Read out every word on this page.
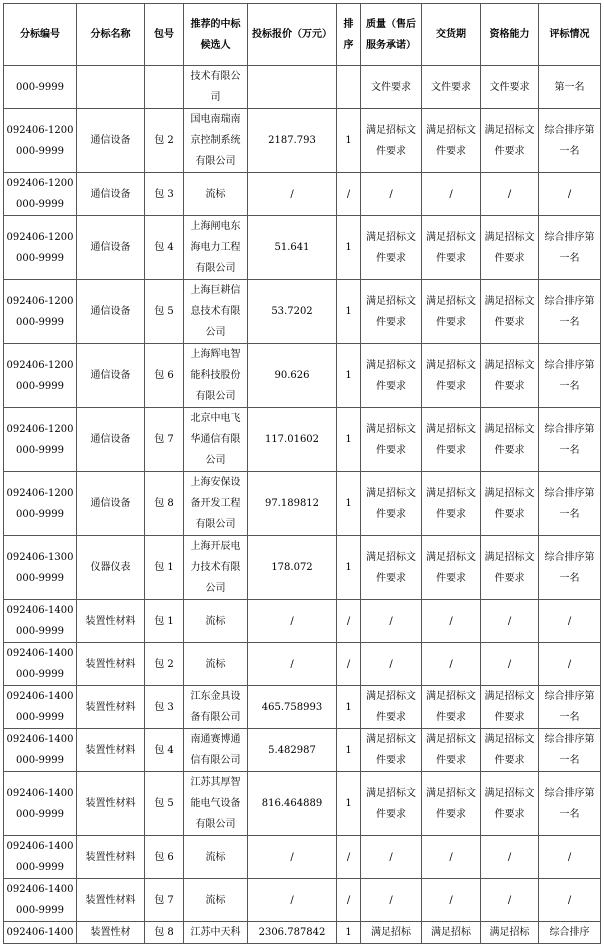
分标编号	分标名称	包号	推荐的中标候选人	投标报价（万元）	排序	质量（售后服务承诺）	交货期	资格能力	评标情况
000-9999			技术有限公司			文件要求	文件要求	文件要求	第一名
092406-1200000-9999	通信设备	包 2	国电南瑞南京控制系统有限公司	2187.793	1	满足招标文件要求	满足招标文件要求	满足招标文件要求	综合排序第一名
092406-1200000-9999	通信设备	包 3	流标	/	/	/	/	/	/
092406-1200000-9999	通信设备	包 4	上海闸电东海电力工程有限公司	51.641	1	满足招标文件要求	满足招标文件要求	满足招标文件要求	综合排序第一名
092406-1200000-9999	通信设备	包 5	上海巨耕信息技术有限公司	53.7202	1	满足招标文件要求	满足招标文件要求	满足招标文件要求	综合排序第一名
092406-1200000-9999	通信设备	包 6	上海辉电智能科技股份有限公司	90.626	1	满足招标文件要求	满足招标文件要求	满足招标文件要求	综合排序第一名
092406-1200000-9999	通信设备	包 7	北京中电飞华通信有限公司	117.01602	1	满足招标文件要求	满足招标文件要求	满足招标文件要求	综合排序第一名
092406-1200000-9999	通信设备	包 8	上海安保设备开发工程有限公司	97.189812	1	满足招标文件要求	满足招标文件要求	满足招标文件要求	综合排序第一名
092406-1300000-9999	仪器仪表	包 1	上海开辰电力技术有限公司	178.072	1	满足招标文件要求	满足招标文件要求	满足招标文件要求	综合排序第一名
092406-1400000-9999	装置性材料	包 1	流标	/	/	/	/	/	/
092406-1400000-9999	装置性材料	包 2	流标	/	/	/	/	/	/
092406-1400000-9999	装置性材料	包 3	江东金具设备有限公司	465.758993	1	满足招标文件要求	满足招标文件要求	满足招标文件要求	综合排序第一名
092406-1400000-9999	装置性材料	包 4	南通赛博通信有限公司	5.482987	1	满足招标文件要求	满足招标文件要求	满足招标文件要求	综合排序第一名
092406-1400000-9999	装置性材料	包 5	江苏其厚智能电气设备有限公司	816.464889	1	满足招标文件要求	满足招标文件要求	满足招标文件要求	综合排序第一名
092406-1400000-9999	装置性材料	包 6	流标	/	/	/	/	/	/
092406-1400000-9999	装置性材料	包 7	流标	/	/	/	/	/	/
092406-1400	装置性材	包 8	江苏中天科	2306.787842	1	满足招标	满足招标	满足招标	综合排序
